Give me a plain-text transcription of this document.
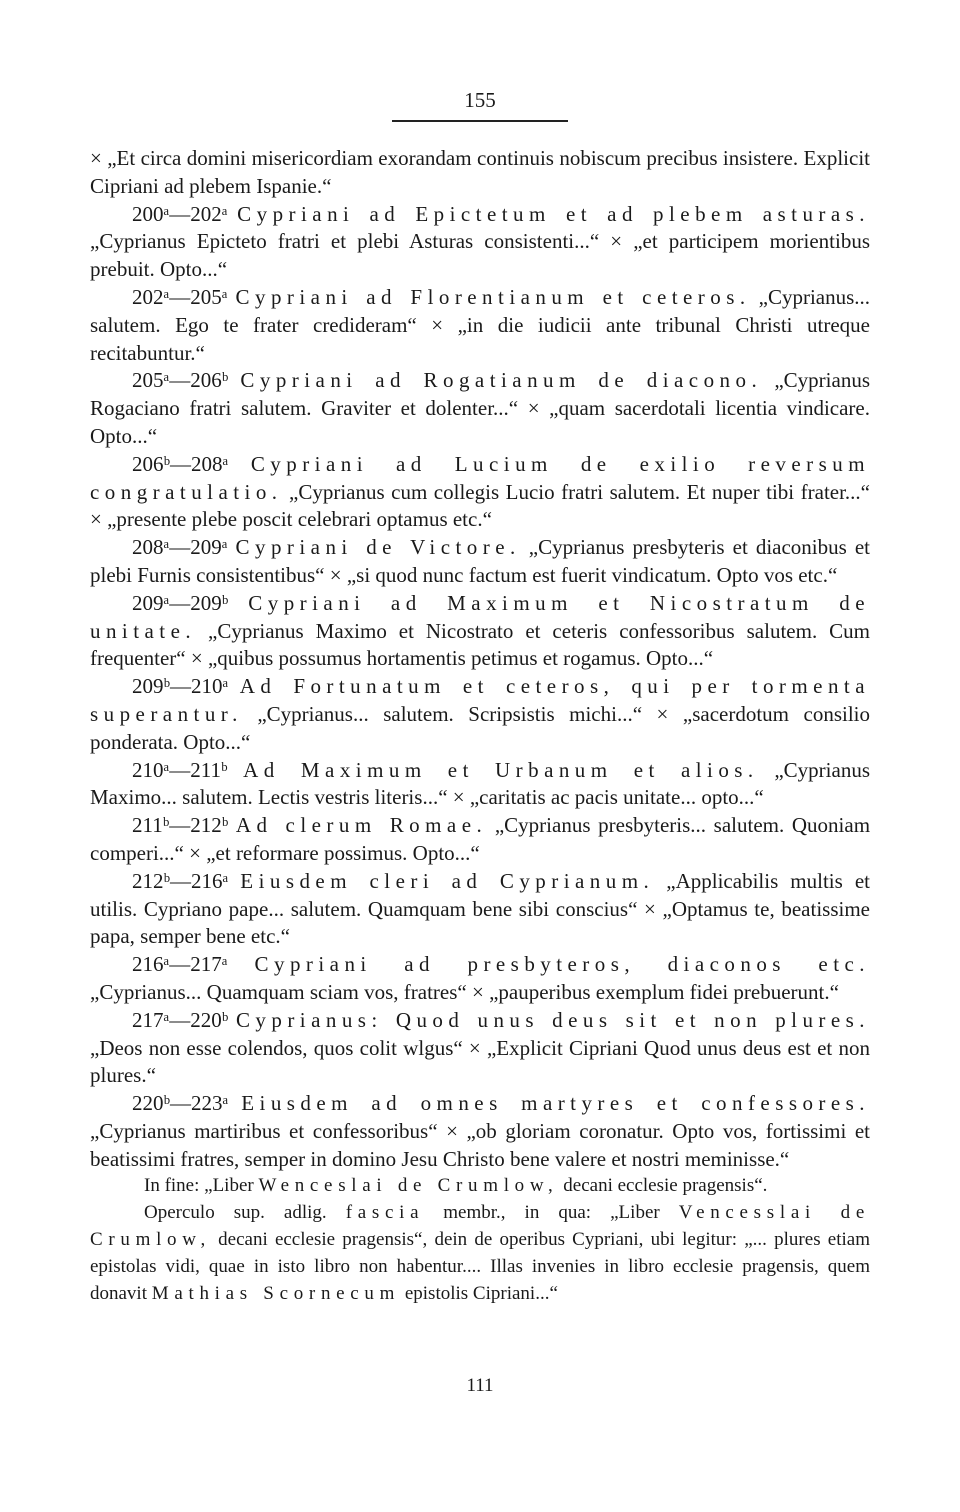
155

× „Et circa domini misericordiam exorandam continuis nobiscum precibus insistere. Explicit Cipriani ad plebem Ispanie.“

200ᵃ—202ᵃ Cypriani ad Epictetum et ad plebem asturas. „Cyprianus Epicteto fratri et plebi Asturas consistenti...“ × „et participem morientibus prebuit. Opto...“

202ᵃ—205ᵃ Cypriani ad Florentianum et ceteros. „Cyprianus... salutem. Ego te frater credideram“ × „in die iudicii ante tribunal Christi utreque recitabuntur.“

205ᵃ—206ᵇ Cypriani ad Rogatianum de diacono. „Cyprianus Rogaciano fratri salutem. Graviter et dolenter...“ × „quam sacerdotali licentia vindicare. Opto...“

206ᵇ—208ᵃ Cypriani ad Lucium de exilio reversum congratulatio. „Cyprianus cum collegis Lucio fratri salutem. Et nuper tibi frater...“ × „presente plebe poscit celebrari optamus etc.“

208ᵃ—209ᵃ Cypriani de Victore. „Cyprianus presbyteris et diaconibus et plebi Furnis consistentibus“ × „si quod nunc factum est fuerit vindicatum. Opto vos etc.“

209ᵃ—209ᵇ Cypriani ad Maximum et Nicostratum de unitate. „Cyprianus Maximo et Nicostrato et ceteris confessoribus salutem. Cum frequenter“ × „quibus possumus hortamentis petimus et rogamus. Opto...“

209ᵇ—210ᵃ Ad Fortunatum et ceteros, qui per tormenta superantur. „Cyprianus... salutem. Scripsistis michi...“ × „sacerdotum consilio ponderata. Opto...“

210ᵃ—211ᵇ Ad Maximum et Urbanum et alios. „Cyprianus Maximo... salutem. Lectis vestris literis...“ × „caritatis ac pacis unitate... opto...“

211ᵇ—212ᵇ Ad clerum Romae. „Cyprianus presbyteris... salutem. Quoniam comperi...“ × „et reformare possimus. Opto...“

212ᵇ—216ᵃ Eiusdem cleri ad Cyprianum. „Applicabilis multis et utilis. Cypriano pape... salutem. Quamquam bene sibi conscius“ × „Optamus te, beatissime papa, semper bene etc.“

216ᵃ—217ᵃ Cypriani ad presbyteros, diaconos etc. „Cyprianus... Quamquam sciam vos, fratres“ × „pauperibus exemplum fidei prebuerunt.“

217ᵃ—220ᵇ Cyprianus: Quod unus deus sit et non plures. „Deos non esse colendos, quos colit wlgus“ × „Explicit Cipriani Quod unus deus est et non plures.“

220ᵇ—223ᵃ Eiusdem ad omnes martyres et confessores. „Cyprianus martiribus et confessoribus“ × „ob gloriam coronatur. Opto vos, fortissimi et beatissimi fratres, semper in domino Jesu Christo bene valere et nostri meminisse.“

In fine: „Liber Wenceslai de Crumlow, decani ecclesie pragensis“.

Operculo sup. adlig. fascia membr., in qua: „Liber Vencesslai de Crumlow, decani ecclesie pragensis“, dein de operibus Cypriani, ubi legitur: „... plures etiam epistolas vidi, quae in isto libro non habentur.... Illas invenies in libro ecclesie pragensis, quem donavit Mathias Scornecum epistolis Cipriani...“

111
